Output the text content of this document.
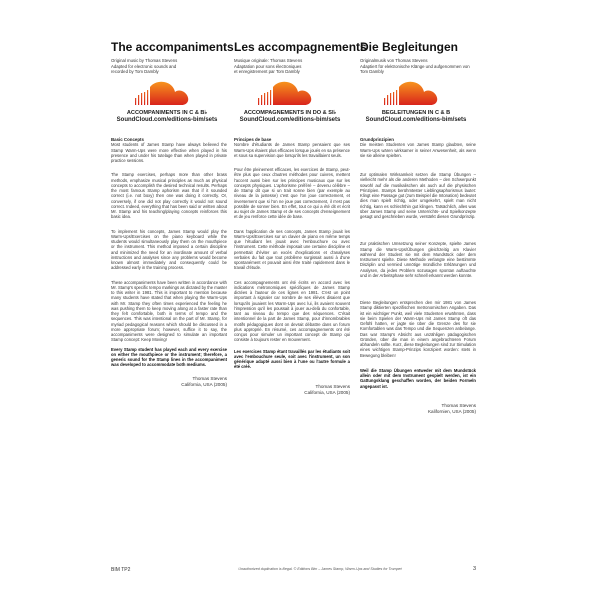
The accompaniments
Original music by Thomas Stevens
Adapted for electronic sounds and
recorded by Tom Dambly
ACCOMPANIMENTS IN C & B♭
SoundCloud.com/editions-bim/sets
Basic Concepts

Most students of James Stamp have always believed the Stamp Warm-Ups were more effective when played in his presence and under his tutelage than when played in private practice sessions.

The Stamp exercises, perhaps more than other brass methods, emphasize musical principles as much as physical concepts to accomplish the desired technical results. Perhaps the most famous Stamp aphorism was that if it sounded correct (i.e. not boxy) then one was doing it correctly. Or, conversely, if one did not play correctly it would not sound correct. Indeed, everything that has been said or written about Mr. Stamp and his teaching/playing concepts reinforces this basic idea.

To implement his concepts, James Stamp would play the Warm-Ups/Exercises on the piano keyboard while the students would simultaneously play them on the mouthpiece or the instrument. This method imposed a certain discipline and minimized the need for an inordinate amount of verbal instructions and analyses since any problems would become known almost immediately and consequently could be addressed early in the training process.

These accompaniments have been written in accordance with Mr. Stamp's specific tempo markings as dictated by the master to this writer in 1981. This is important to mention because many students have stated that when playing the Warm-Ups with Mr. Stamp they often times experienced the feeling he was pushing them to keep moving along at a faster rate than they felt comfortable, both in terms of tempo and the sequences. This was intentional on the part of Mr. Stamp, for myriad pedagogical reasons which should be discussed in a more appropriate forum; however, suffice it to say, the accompaniments were designed to simulate an important Stamp concept: Keep Moving!

Every Stamp student has played each and every exercise on either the mouthpiece or the instrument; therefore, a generic sound for the Stamp lines in the accompaniment was developed to accommodate both mediums.

Thomas Stevens
California, USA (2005)
Les accompagnements
Musique originale: Thomas Stevens
Adaptation pour sons électroniques
et enregistrement par Tom Dambly
ACCOMPAGNEMENTS IN DO & SI♭
SoundCloud.com/editions-bim/sets
Principes de base

Nombre d'étudiants de James Stamp pensaient que ses Warm-Ups étaient plus efficaces lorsque joués en sa présence et sous sa supervision que lorsqu'ils les travaillaient seuls.

Pour être pleinement efficaces, les exercices de Stamp, peut-être plus que ceux d'autres méthodes pour cuivres, mettent l'accent aussi bien sur les principes musicaux que sur les concepts physiques. L'aphorisme préféré – devenu célèbre – de Stamp dit que si un trait sonne bien (par exemple au niveau de la justesse) c'est que l'on joue correctement, et inversement que si l'on ne joue pas correctement, il n'est pas possible de sonner bien. En effet, tout ce qui a été dit et écrit au sujet de James Stamp et de ses concepts d'enseignement et de jeu renforce cette idée de base.

Dans l'application de ses concepts, James Stamp jouait les Warm-Ups/Exercises sur un clavier de piano en même temps que l'étudiant les jouait avec l'embouchure ou avec l'instrument. Cette méthode imposait une certaine discipline et permettait d'éviter un excès d'explications et d'analyses verbales du fait que tout problème surgissait aussi à d'une spontanément et pouvait ainsi être traité rapidement dans le travail d'étude.

Ces accompagnements ont été écrits en accord avec les indications métronomiques spécifiques de James Stamp dictées à l'auteur de ces lignes en 1981. C'est un point important à signaler car nombre de ses élèves disaient que lorsqu'ils jouaient les Warm-Ups avec lui, ils avaient souvent l'impression qu'il les poussait à jouer au-delà du confortable, tant au niveau du tempo que des séquences. C'était intentionnel de la part de James Stamp, pour d'innombrables motifs pédagogiques dont on devrait débattre dans un forum plus approprié. En résumé, ces accompagnements ont été conçus pour simuler un important concept de Stamp qui consiste à toujours rester en mouvement.

Les exercices Stamp étant travaillés par les étudiants soit avec l'embouchure seule, soit avec l'instrument, un son générique adapté aussi bien à l'une ou l'autre formule a été créé.

Thomas Stevens
California, USA (2005)
Die Begleitungen
Originalmusik von Thomas Stevens
Adaptiert für elektronische Klänge und aufgenommen von
Tom Dambly
BEGLEITUNGEN IN C & B
SoundCloud.com/editions-bim/sets
Grundprinzipien

Die meisten Studenten von James Stamp glaubten, seine Warm-Ups wären wirksamer in seiner Anwesenheit, als wenn sie sie alleine spielten.

Zur optimalen Wirksamkeit setzen die Stamp Übungen – vielleicht mehr als die anderen Methoden – den Schwerpunkt sowohl auf die musikalischen als auch auf die physischen Prinzipien. Stamps berühmtester Lieblingsaphorismus lautet: Klingt eine Passage gut (zum Beispiel die Intonation) bedeutet dies man spielt richtig, oder umgekehrt, spielt man nicht richtig, kann es schlechthin gut klingen. Tatsächlich, alles was über James Stamp und seine Unterrichts- und Spielkonzepte gesagt und geschrieben wurde, verstärkt diesen Grundprinzip.

Zur praktischen Umsetzung seiner Konzepte, spielte James Stamp die Warm-Ups/Übungen gleichzeitig am Klavier während der Student sie mit dem Mundstück oder dem Instrument spielte. Diese Methode verlangte eine bestimmte Disziplin und vermied unnötige mündliche Erklärungen und Analysen, da jedes Problem sozusagen spontan auftauchte und in der Arbeitsphase sehr schnell erkannt werden konnte.

Diese Begleitungen entsprechen den mir 1981 von James Stamp diktierten spezifischen metronomischen Angaben. Das ist ein wichtiger Punkt, weil viele Studenten erwähnten, dass sie beim Spielen der Warm-Ups mit James Stamp oft das Gefühl hatten, er jagte sie über die Grenze des für sie Komfortablen was das Tempo und die Sequenzen anbelange. Das war Stamp's Absicht aus unzähligen pädagogischen Gründen, über die man in einem angebrachteren Forum abhandeln sollte. Kurz, diese Begleitungen sind zur Simulation eines wichtigen Stamp-Prinzips konzipiert worden: stets in Bewegung bleiben!

Weil die Stamp Übungen entweder mit dem Mundstück allein oder mit dem Instrument gespielt werden, ist ein Gattungsklang geschaffen worden, der beiden Formeln angepasst ist.

Thomas Stevens
Kalifornien, USA (2005)
BIM TP2	Unauthorized duplication is illegal. © Editions Bim – James Stamp, Warm-Ups and Studies for Trumpet	3
